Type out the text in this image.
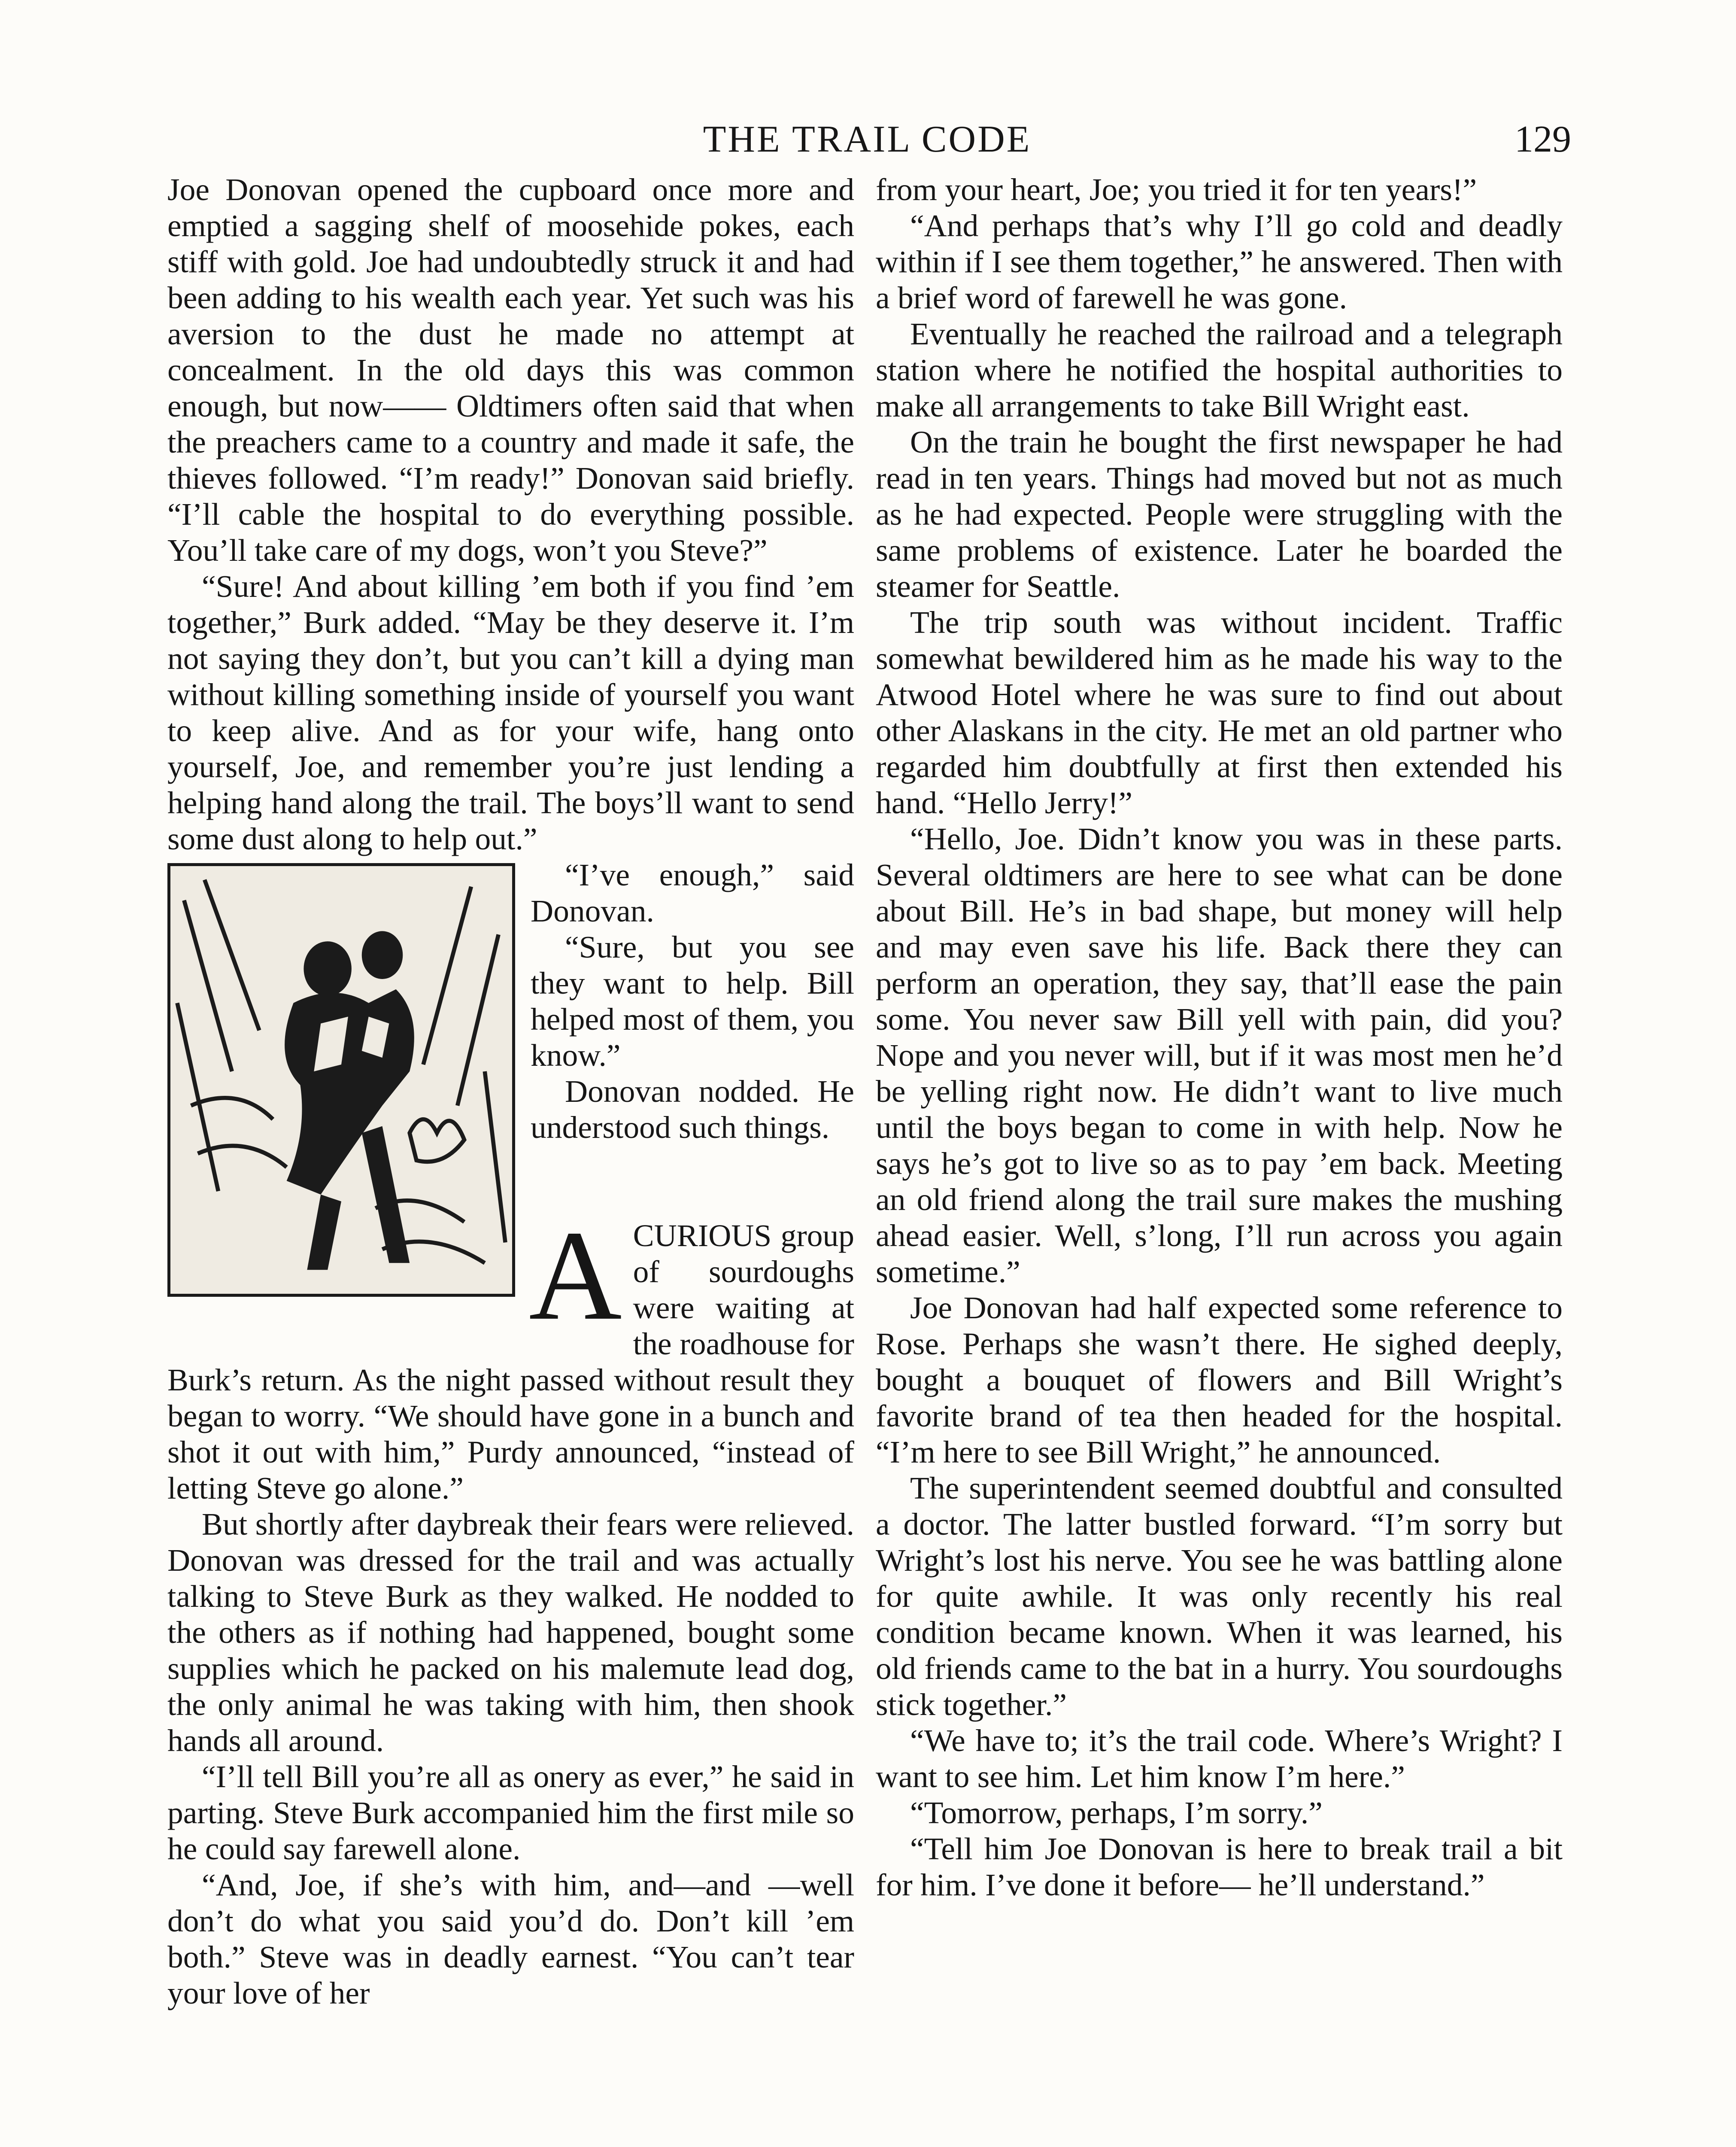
THE TRAIL CODE	129

Joe Donovan opened the cupboard once more and emptied a sagging shelf of moosehide pokes, each stiff with gold. Joe had undoubtedly struck it and had been adding to his wealth each year. Yet such was his aversion to the dust he made no attempt at concealment. In the old days this was common enough, but now—— Oldtimers often said that when the preachers came to a country and made it safe, the thieves followed. “I’m ready!” Donovan said briefly. “I’ll cable the hospital to do everything possible. You’ll take care of my dogs, won’t you Steve?”

“Sure! And about killing ’em both if you find ’em together,” Burk added. “May be they deserve it. I’m not saying they don’t, but you can’t kill a dying man without killing something inside of yourself you want to keep alive. And as for your wife, hang onto yourself, Joe, and remember you’re just lending a helping hand along the trail. The boys’ll want to send some dust along to help out.”

“I’ve enough,” said Donovan.

“Sure, but you see they want to help. Bill helped most of them, you know.”

Donovan nodded. He understood such things.

ACURIOUS group of sourdoughs were waiting at the roadhouse for Burk’s return. As the night passed without result they began to worry. “We should have gone in a bunch and shot it out with him,” Purdy announced, “instead of letting Steve go alone.”

But shortly after daybreak their fears were relieved. Donovan was dressed for the trail and was actually talking to Steve Burk as they walked. He nodded to the others as if nothing had happened, bought some supplies which he packed on his malemute lead dog, the only animal he was taking with him, then shook hands all around.

“I’ll tell Bill you’re all as onery as ever,” he said in parting. Steve Burk accompanied him the first mile so he could say farewell alone.

“And, Joe, if she’s with him, and—and —well don’t do what you said you’d do. Don’t kill ’em both.” Steve was in deadly earnest. “You can’t tear your love of her

from your heart, Joe; you tried it for ten years!”

“And perhaps that’s why I’ll go cold and deadly within if I see them together,” he answered. Then with a brief word of farewell he was gone.

Eventually he reached the railroad and a telegraph station where he notified the hospital authorities to make all arrangements to take Bill Wright east.

On the train he bought the first newspaper he had read in ten years. Things had moved but not as much as he had expected. People were struggling with the same problems of existence. Later he boarded the steamer for Seattle.

The trip south was without incident. Traffic somewhat bewildered him as he made his way to the Atwood Hotel where he was sure to find out about other Alaskans in the city. He met an old partner who regarded him doubtfully at first then extended his hand. “Hello Jerry!”

“Hello, Joe. Didn’t know you was in these parts. Several oldtimers are here to see what can be done about Bill. He’s in bad shape, but money will help and may even save his life. Back there they can perform an operation, they say, that’ll ease the pain some. You never saw Bill yell with pain, did you? Nope and you never will, but if it was most men he’d be yelling right now. He didn’t want to live much until the boys began to come in with help. Now he says he’s got to live so as to pay ’em back. Meeting an old friend along the trail sure makes the mushing ahead easier. Well, s’long, I’ll run across you again sometime.”

Joe Donovan had half expected some reference to Rose. Perhaps she wasn’t there. He sighed deeply, bought a bouquet of flowers and Bill Wright’s favorite brand of tea then headed for the hospital. “I’m here to see Bill Wright,” he announced.

The superintendent seemed doubtful and consulted a doctor. The latter bustled forward. “I’m sorry but Wright’s lost his nerve. You see he was battling alone for quite awhile. It was only recently his real condition became known. When it was learned, his old friends came to the bat in a hurry. You sourdoughs stick together.”

“We have to; it’s the trail code. Where’s Wright? I want to see him. Let him know I’m here.”

“Tomorrow, perhaps, I’m sorry.”

“Tell him Joe Donovan is here to break trail a bit for him. I’ve done it before— he’ll understand.”
